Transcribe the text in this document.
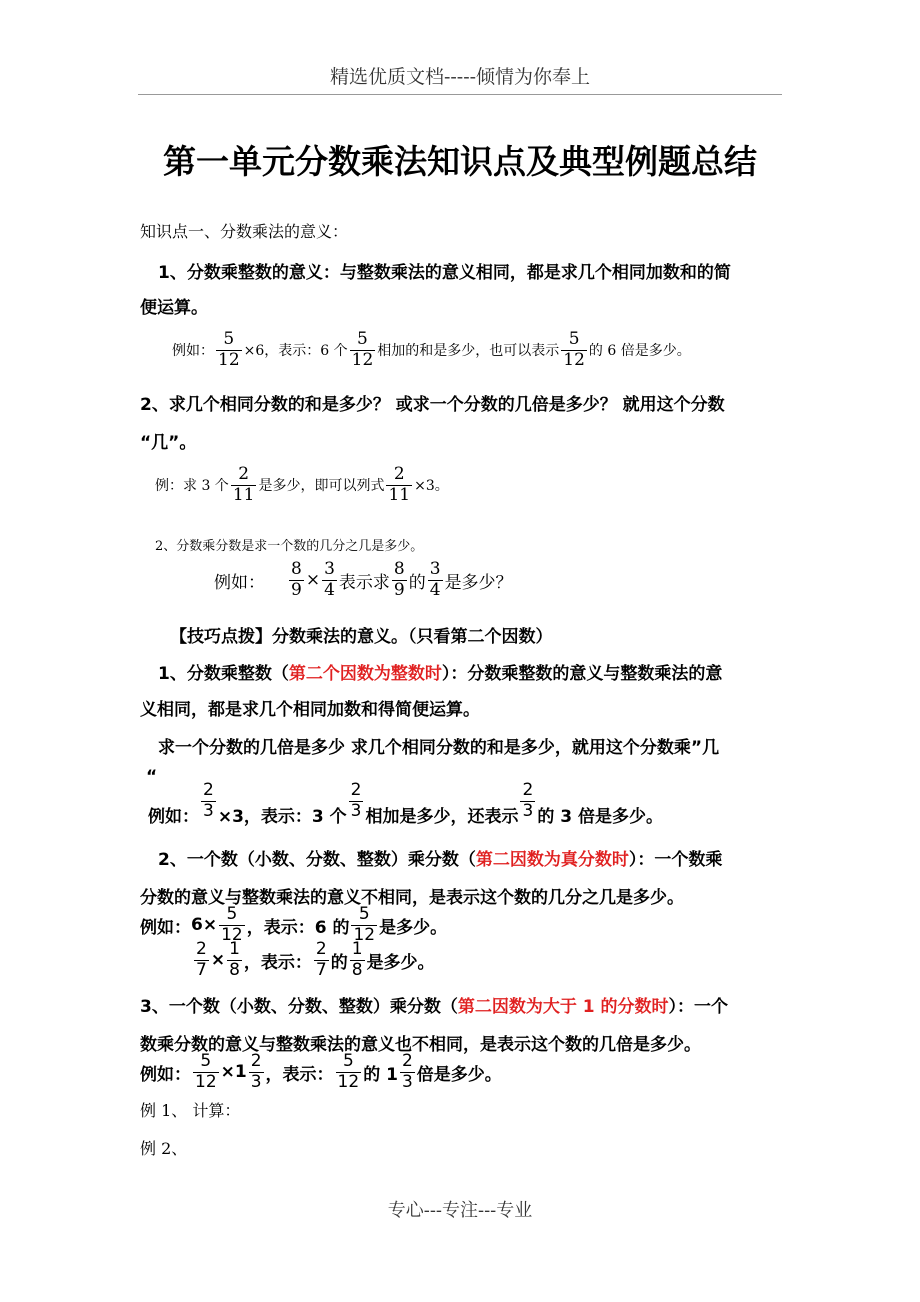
精选优质文档-----倾情为你奉上
第一单元分数乘法知识点及典型例题总结
知识点一、分数乘法的意义：
1、分数乘整数的意义：与整数乘法的意义相同，都是求几个相同加数和的简
便运算。
例如： $\frac{5}{12} \times 6$，表示：6 个 $\frac{5}{12}$ 相加的和是多少，也可以表示 $\frac{5}{12}$ 的 6 倍是多少。
2、求几个相同分数的和是多少？ 或求一个分数的几倍是多少？ 就用这个分数
“几”。
例：求 3 个 $\frac{2}{11}$ 是多少，即可以列式 $\frac{2}{11} \times 3$。
2、分数乘分数是求一个数的几分之几是多少。
例如： $\frac{8}{9} \times \frac{3}{4}$ 表示求 $\frac{8}{9}$ 的 $\frac{3}{4}$ 是多少？
【技巧点拨】分数乘法的意义。（只看第二个因数）
1、分数乘整数（第二个因数为整数时）：分数乘整数的意义与整数乘法的意
义相同，都是求几个相同加数和得简便运算。
求一个分数的几倍是多少 求几个相同分数的和是多少，就用这个分数乘”几
“
例如： $\frac{2}{3} \times 3$，表示：3 个 $\frac{2}{3}$ 相加是多少，还表示 $\frac{2}{3}$ 的 3 倍是多少。
2、一个数（小数、分数、整数）乘分数（第二因数为真分数时）：一个数乘
分数的意义与整数乘法的意义不相同，是表示这个数的几分之几是多少。
例如： $6\times \frac{5}{12}$ ，表示：6 的 $\frac{5}{12}$ 是多少。
$\frac{2}{7} \times \frac{1}{8}$ ，表示： $\frac{2}{7}$ 的 $\frac{1}{8}$ 是多少。
3、一个数（小数、分数、整数）乘分数（第二因数为大于 1 的分数时）：一个
数乘分数的意义与整数乘法的意义也不相同，是表示这个数的几倍是多少。
例如： $\frac{5}{12} \times 1 \frac{2}{3}$ ，表示： $\frac{5}{12}$ 的 $1 \frac{2}{3}$ 倍是多少。
例 1、 计算：
例 2、
专心---专注---专业
